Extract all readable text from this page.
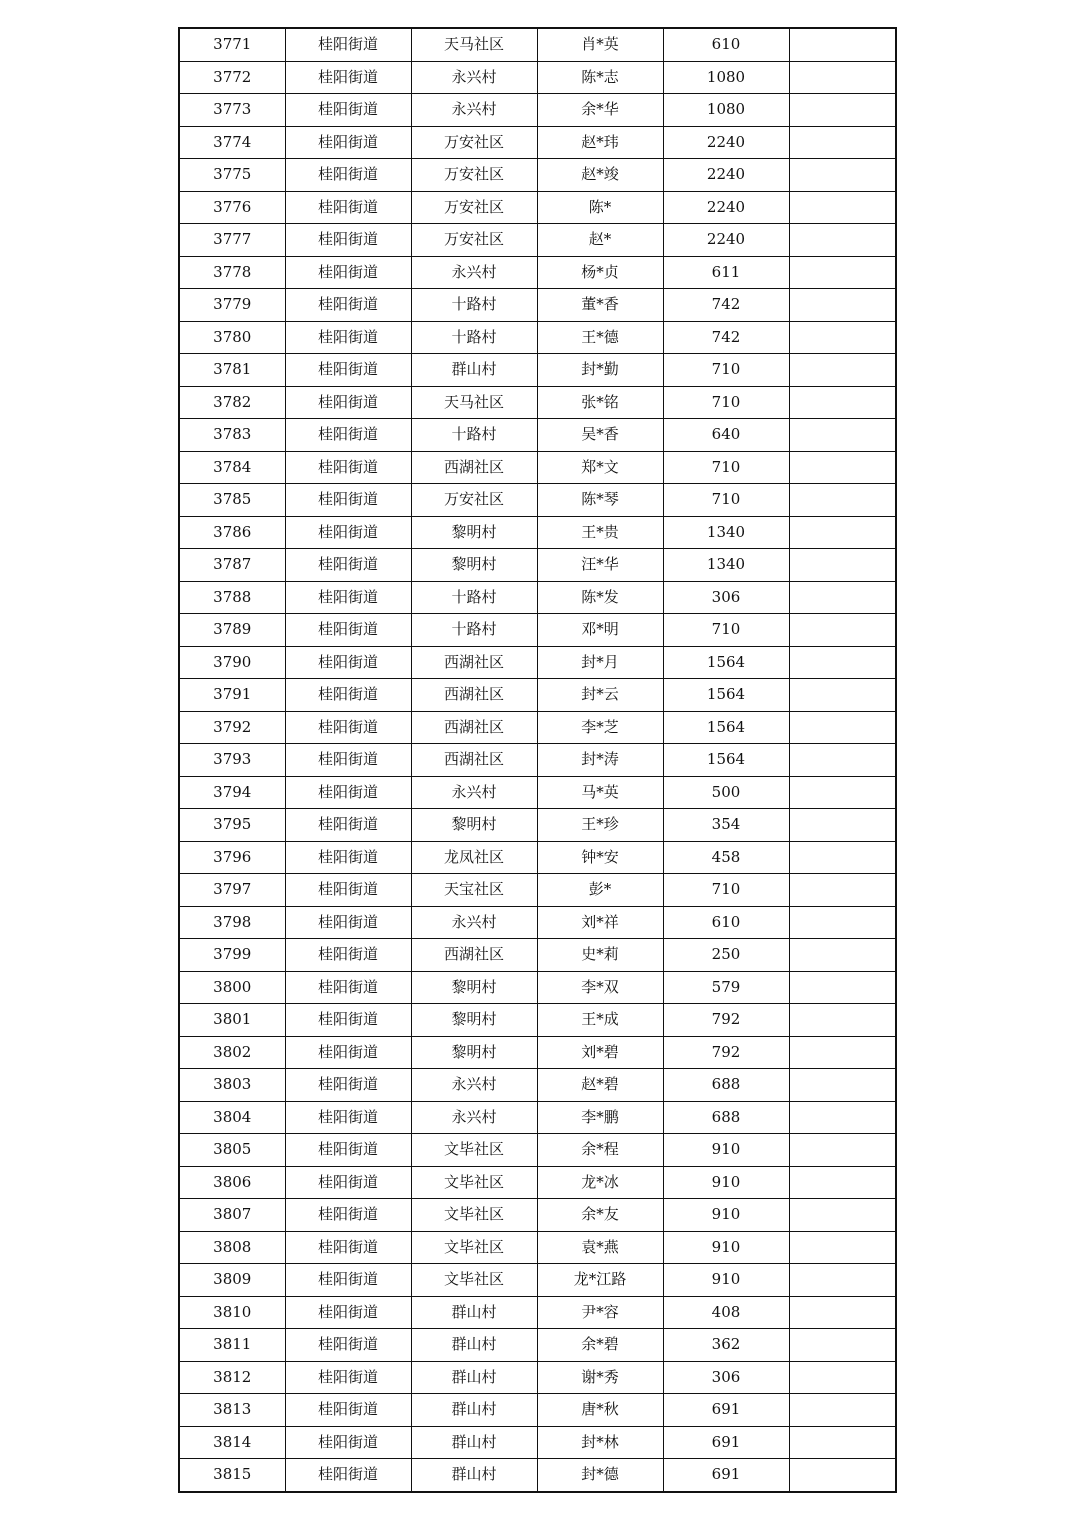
3771	桂阳街道	天马社区	肖*英	610	
3772	桂阳街道	永兴村	陈*志	1080	
3773	桂阳街道	永兴村	余*华	1080	
3774	桂阳街道	万安社区	赵*玮	2240	
3775	桂阳街道	万安社区	赵*竣	2240	
3776	桂阳街道	万安社区	陈*	2240	
3777	桂阳街道	万安社区	赵*	2240	
3778	桂阳街道	永兴村	杨*贞	611	
3779	桂阳街道	十路村	董*香	742	
3780	桂阳街道	十路村	王*德	742	
3781	桂阳街道	群山村	封*勤	710	
3782	桂阳街道	天马社区	张*铭	710	
3783	桂阳街道	十路村	吴*香	640	
3784	桂阳街道	西湖社区	郑*文	710	
3785	桂阳街道	万安社区	陈*琴	710	
3786	桂阳街道	黎明村	王*贵	1340	
3787	桂阳街道	黎明村	汪*华	1340	
3788	桂阳街道	十路村	陈*发	306	
3789	桂阳街道	十路村	邓*明	710	
3790	桂阳街道	西湖社区	封*月	1564	
3791	桂阳街道	西湖社区	封*云	1564	
3792	桂阳街道	西湖社区	李*芝	1564	
3793	桂阳街道	西湖社区	封*涛	1564	
3794	桂阳街道	永兴村	马*英	500	
3795	桂阳街道	黎明村	王*珍	354	
3796	桂阳街道	龙凤社区	钟*安	458	
3797	桂阳街道	天宝社区	彭*	710	
3798	桂阳街道	永兴村	刘*祥	610	
3799	桂阳街道	西湖社区	史*莉	250	
3800	桂阳街道	黎明村	李*双	579	
3801	桂阳街道	黎明村	王*成	792	
3802	桂阳街道	黎明村	刘*碧	792	
3803	桂阳街道	永兴村	赵*碧	688	
3804	桂阳街道	永兴村	李*鹏	688	
3805	桂阳街道	文毕社区	余*程	910	
3806	桂阳街道	文毕社区	龙*冰	910	
3807	桂阳街道	文毕社区	余*友	910	
3808	桂阳街道	文毕社区	袁*燕	910	
3809	桂阳街道	文毕社区	龙*江路	910	
3810	桂阳街道	群山村	尹*容	408	
3811	桂阳街道	群山村	余*碧	362	
3812	桂阳街道	群山村	谢*秀	306	
3813	桂阳街道	群山村	唐*秋	691	
3814	桂阳街道	群山村	封*林	691	
3815	桂阳街道	群山村	封*德	691	
